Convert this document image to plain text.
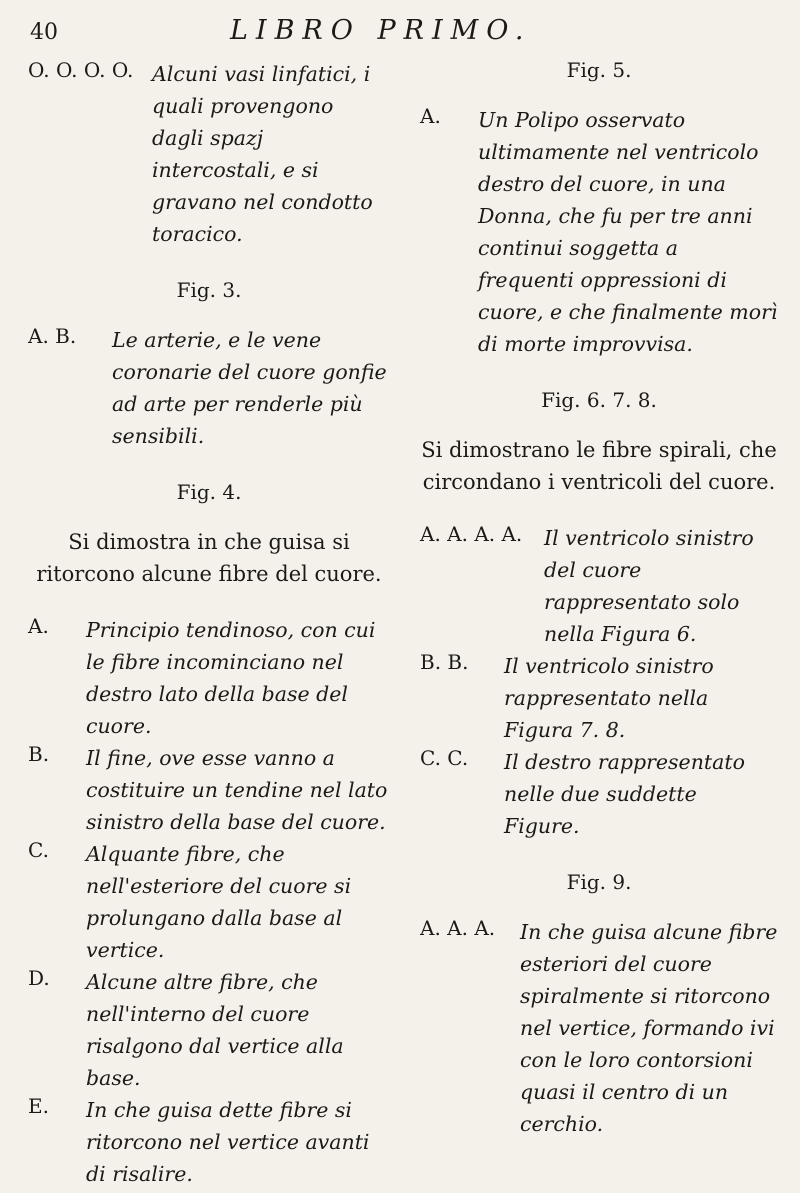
40	LIBRO PRIMO.
O. O. O. O. Alcuni vasi linfatici, i quali provengono dagli spazj intercostali, e si gravano nel condotto toracico.

Fig. 3.
A. B. Le arterie, e le vene coronarie del cuore gonfie ad arte per renderle più sensibili.

Fig. 4.

Si dimostra in che guisa si ritorcono alcune fibre del cuore.

A. Principio tendinoso, con cui le fibre incominciano nel destro lato della base del cuore.

B. Il fine, ove esse vanno a costituire un tendine nel lato sinistro della base del cuore.

C. Alquante fibre, che nell'esteriore del cuore si prolungano dalla base al vertice.

D. Alcune altre fibre, che nell'interno del cuore risalgono dal vertice alla base.

E. In che guisa dette fibre si ritorcono nel vertice avanti di risalire.

Fig. 5.
A. Un Polipo osservato ultimamente nel ventricolo destro del cuore, in una Donna, che fu per tre anni continui soggetta a frequenti oppressioni di cuore, e che finalmente morì di morte improvvisa.

Fig. 6. 7. 8.

Si dimostrano le fibre spirali, che circondano i ventricoli del cuore.

A. A. A. A. Il ventricolo sinistro del cuore rappresentato solo nella Figura 6.

B. B. Il ventricolo sinistro rappresentato nella Figura 7. 8.

C. C. Il destro rappresentato nelle due suddette Figure.

Fig. 9.
A. A. A. In che guisa alcune fibre esteriori del cuore spiralmente si ritorcono nel vertice, formando ivi con le loro contorsioni quasi il centro di un cerchio.
